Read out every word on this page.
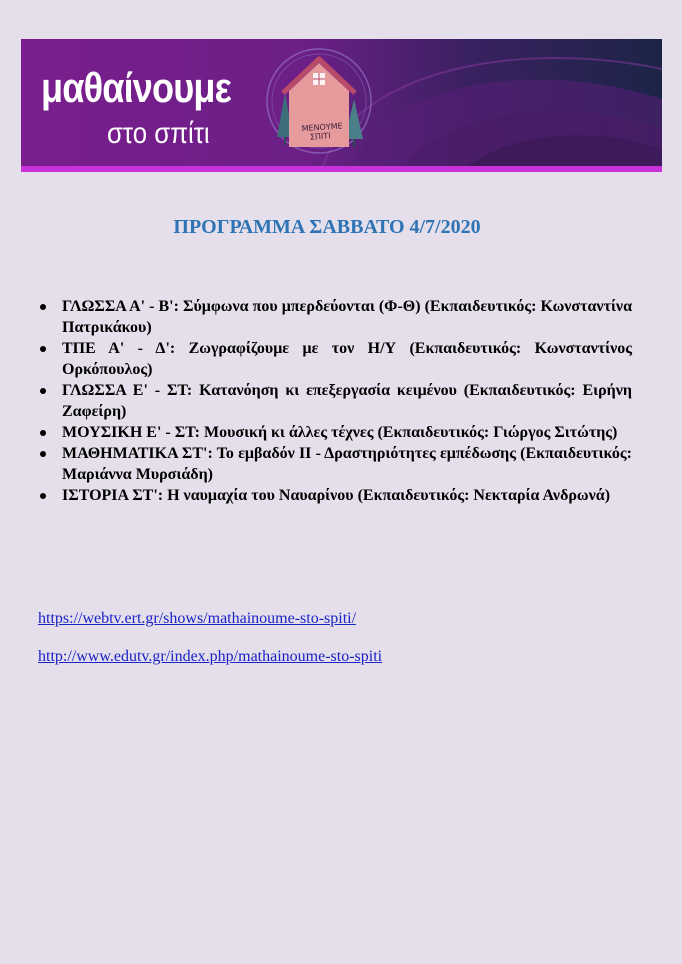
μαθαίνουμε
στο σπίτι	ΜΕΝΟΥΜΕ ΣΠΙΤΙ
ΠΡΟΓΡΑΜΜΑ ΣΑΒΒΑΤΟ 4/7/2020
ΓΛΩΣΣΑ Α' - Β': Σύμφωνα που μπερδεύονται (Φ-Θ) (Εκπαιδευτικός: Κωνσταντίνα Πατρικάκου)
ΤΠΕ Α' - Δ': Ζωγραφίζουμε με τον Η/Υ (Εκπαιδευτικός: Κωνσταντίνος Ορκόπουλος)
ΓΛΩΣΣΑ Ε' - ΣΤ: Κατανόηση κι επεξεργασία κειμένου (Εκπαιδευτικός: Ειρήνη Ζαφείρη)
ΜΟΥΣΙΚΗ Ε' - ΣΤ: Μουσική κι άλλες τέχνες (Εκπαιδευτικός: Γιώργος Σιτώτης)
ΜΑΘΗΜΑΤΙΚΑ ΣΤ': Το εμβαδόν ΙΙ - Δραστηριότητες εμπέδωσης (Εκπαιδευτικός: Μαριάννα Μυρσιάδη)
ΙΣΤΟΡΙΑ ΣΤ': Η ναυμαχία του Ναυαρίνου (Εκπαιδευτικός: Νεκταρία Ανδρωνά)
https://webtv.ert.gr/shows/mathainoume-sto-spiti/
http://www.edutv.gr/index.php/mathainoume-sto-spiti
